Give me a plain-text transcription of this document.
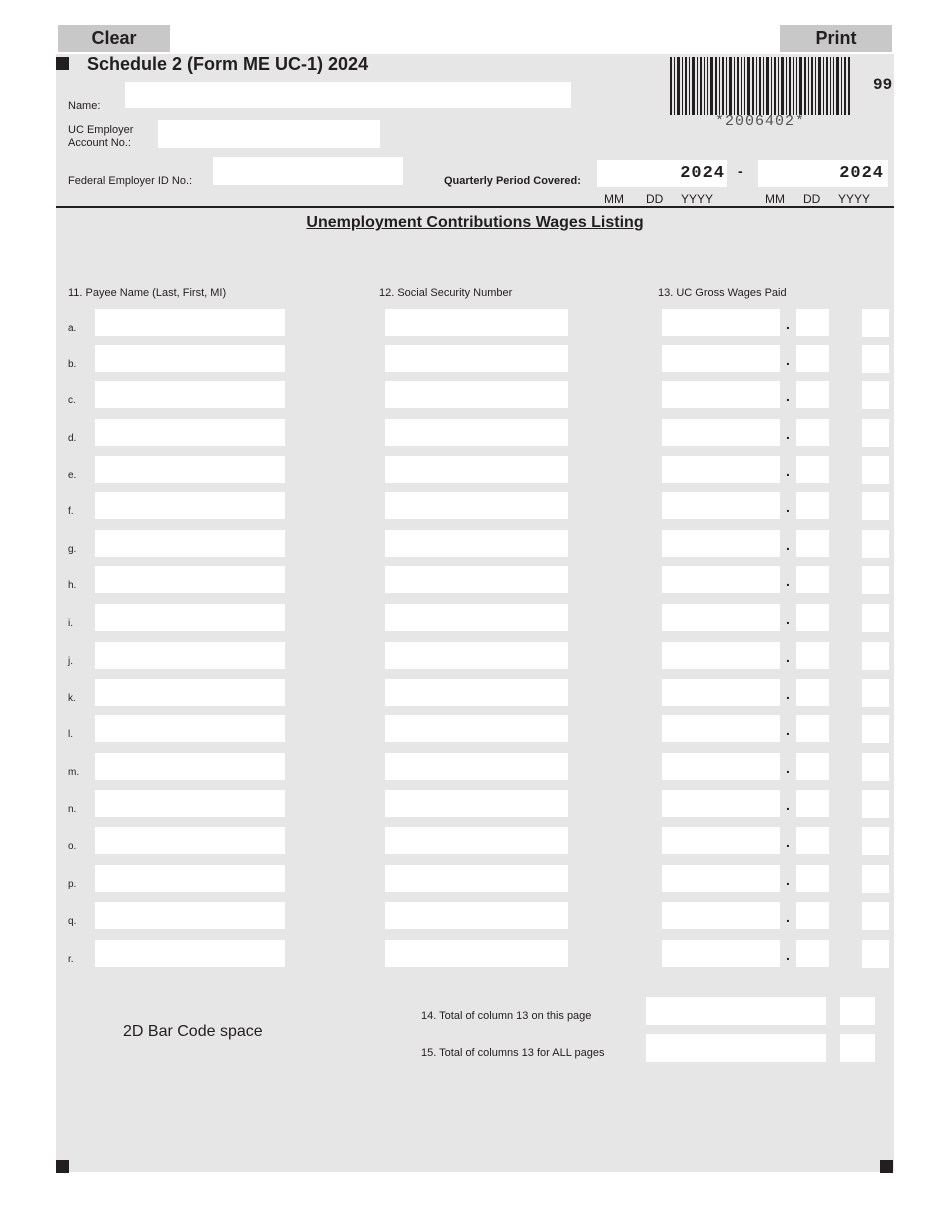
Clear	Print
Schedule 2 (Form ME UC-1) 2024
*2006402*
99
Name:
UC Employer
Account No.:
Federal Employer ID No.:	Quarterly Period Covered:	2024 -	2024
MM DD YYYY	MM DD YYYY
Unemployment Contributions Wages Listing
11. Payee Name (Last, First, MI)	12. Social Security Number	13. UC Gross Wages Paid
a.	.
b.	.
c.	.
d.	.
e.	.
f.	.
g.	.
h.	.
i.	.
j.	.
k.	.
l.	.
m.	.
n.	.
o.	.
p.	.
q.	.
r.	.
14. Total of column 13 on this page
15. Total of columns 13 for ALL pages
2D Bar Code space
